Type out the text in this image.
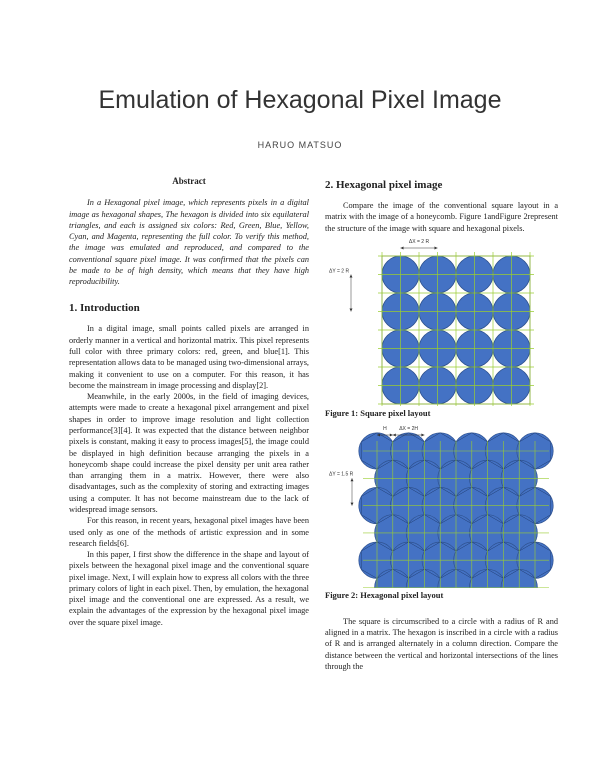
Emulation of Hexagonal Pixel Image
HARUO MATSUO
Abstract

In a Hexagonal pixel image, which represents pixels in a digital image as hexagonal shapes, The hexagon is divided into six equilateral triangles, and each is assigned six colors: Red, Green, Blue, Yellow, Cyan, and Magenta, representing the full color. To verify this method, the image was emulated and reproduced, and compared to the conventional square pixel image. It was confirmed that the pixels can be made to be of high density, which means that they have high reproducibility.

1. Introduction

In a digital image, small points called pixels are arranged in orderly manner in a vertical and horizontal matrix. This pixel represents full color with three primary colors: red, green, and blue[1]. This representation allows data to be managed using two-dimensional arrays, making it convenient to use on a computer. For this reason, it has become the mainstream in image processing and display[2].

Meanwhile, in the early 2000s, in the field of imaging devices, attempts were made to create a hexagonal pixel arrangement and pixel shapes in order to improve image resolution and light collection performance[3][4]. It was expected that the distance between neighbor pixels is constant, making it easy to process images[5], the image could be displayed in high definition because arranging the pixels in a honeycomb shape could increase the pixel density per unit area rather than arranging them in a matrix. However, there were also disadvantages, such as the complexity of storing and extracting images using a computer. It has not become mainstream due to the lack of widespread image sensors.

For this reason, in recent years, hexagonal pixel images have been used only as one of the methods of artistic expression and in some research fields[6].

In this paper, I first show the difference in the shape and layout of pixels between the hexagonal pixel image and the conventional square pixel image. Next, I will explain how to express all colors with the three primary colors of light in each pixel. Then, by emulation, the hexagonal pixel image and the conventional one are expressed. As a result, we explain the advantages of the expression by the hexagonal pixel image over the square pixel image.

2. Hexagonal pixel image

Compare the image of the conventional square layout in a matrix with the image of a honeycomb. Figure 1andFigure 2represent the structure of the image with square and hexagonal pixels.

ΔX = 2 R
ΔY = 2 R
Figure 1: Square pixel layout
H	ΔX = 2H
ΔY = 1.5 R
Figure 2: Hexagonal pixel layout

The square is circumscribed to a circle with a radius of R and aligned in a matrix. The hexagon is inscribed in a circle with a radius of R and is arranged alternately in a column direction. Compare the distance between the vertical and horizontal intersections of the lines through the
